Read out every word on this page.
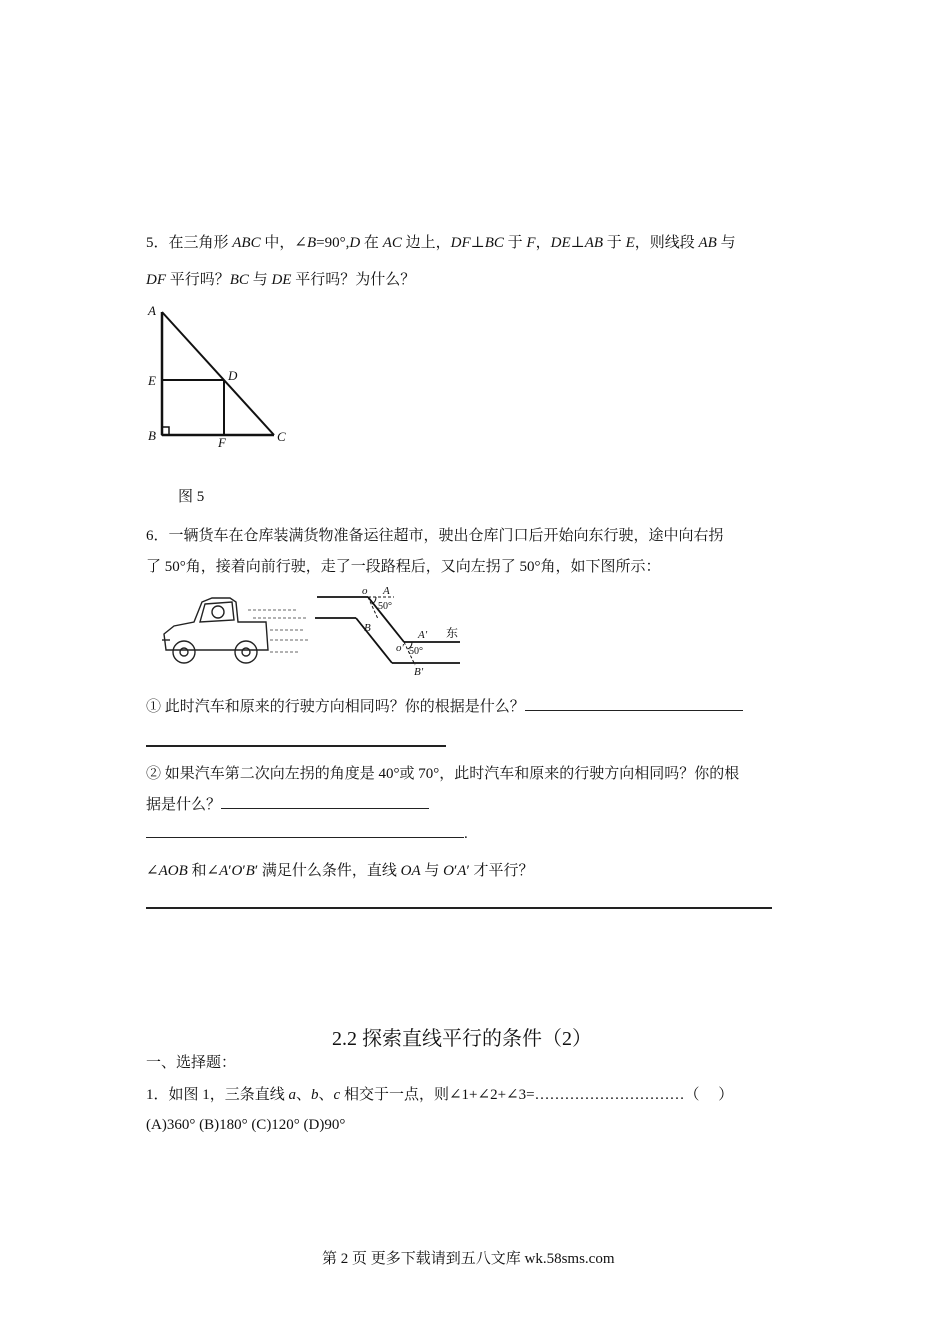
5．在三角形 ABC 中，∠B=90°,D 在 AC 边上，DF⊥BC 于 F，DE⊥AB 于 E，则线段 AB 与
DF 平行吗？BC 与 DE 平行吗？为什么？
A
E	D
B	F	C
图 5
6．一辆货车在仓库装满货物准备运往超市，驶出仓库门口后开始向东行驶，途中向右拐
了 50°角，接着向前行驶，走了一段路程后，又向左拐了 50°角，如下图所示：
o A
50°
B
A′
o′ 50°
B′
东
① 此时汽车和原来的行驶方向相同吗？你的根据是什么？
② 如果汽车第二次向左拐的角度是 40°或 70°，此时汽车和原来的行驶方向相同吗？你的根
据是什么？
.
∠AOB 和∠A′O′B′ 满足什么条件，直线 OA 与 O′A′ 才平行？
2.2 探索直线平行的条件（2）
一、选择题：
1．如图 1，三条直线 a、b、c 相交于一点，则∠1+∠2+∠3=…………………………（　 ）
(A)360° (B)180° (C)120° (D)90°
第 2 页 更多下载请到五八文库 wk.58sms.com
